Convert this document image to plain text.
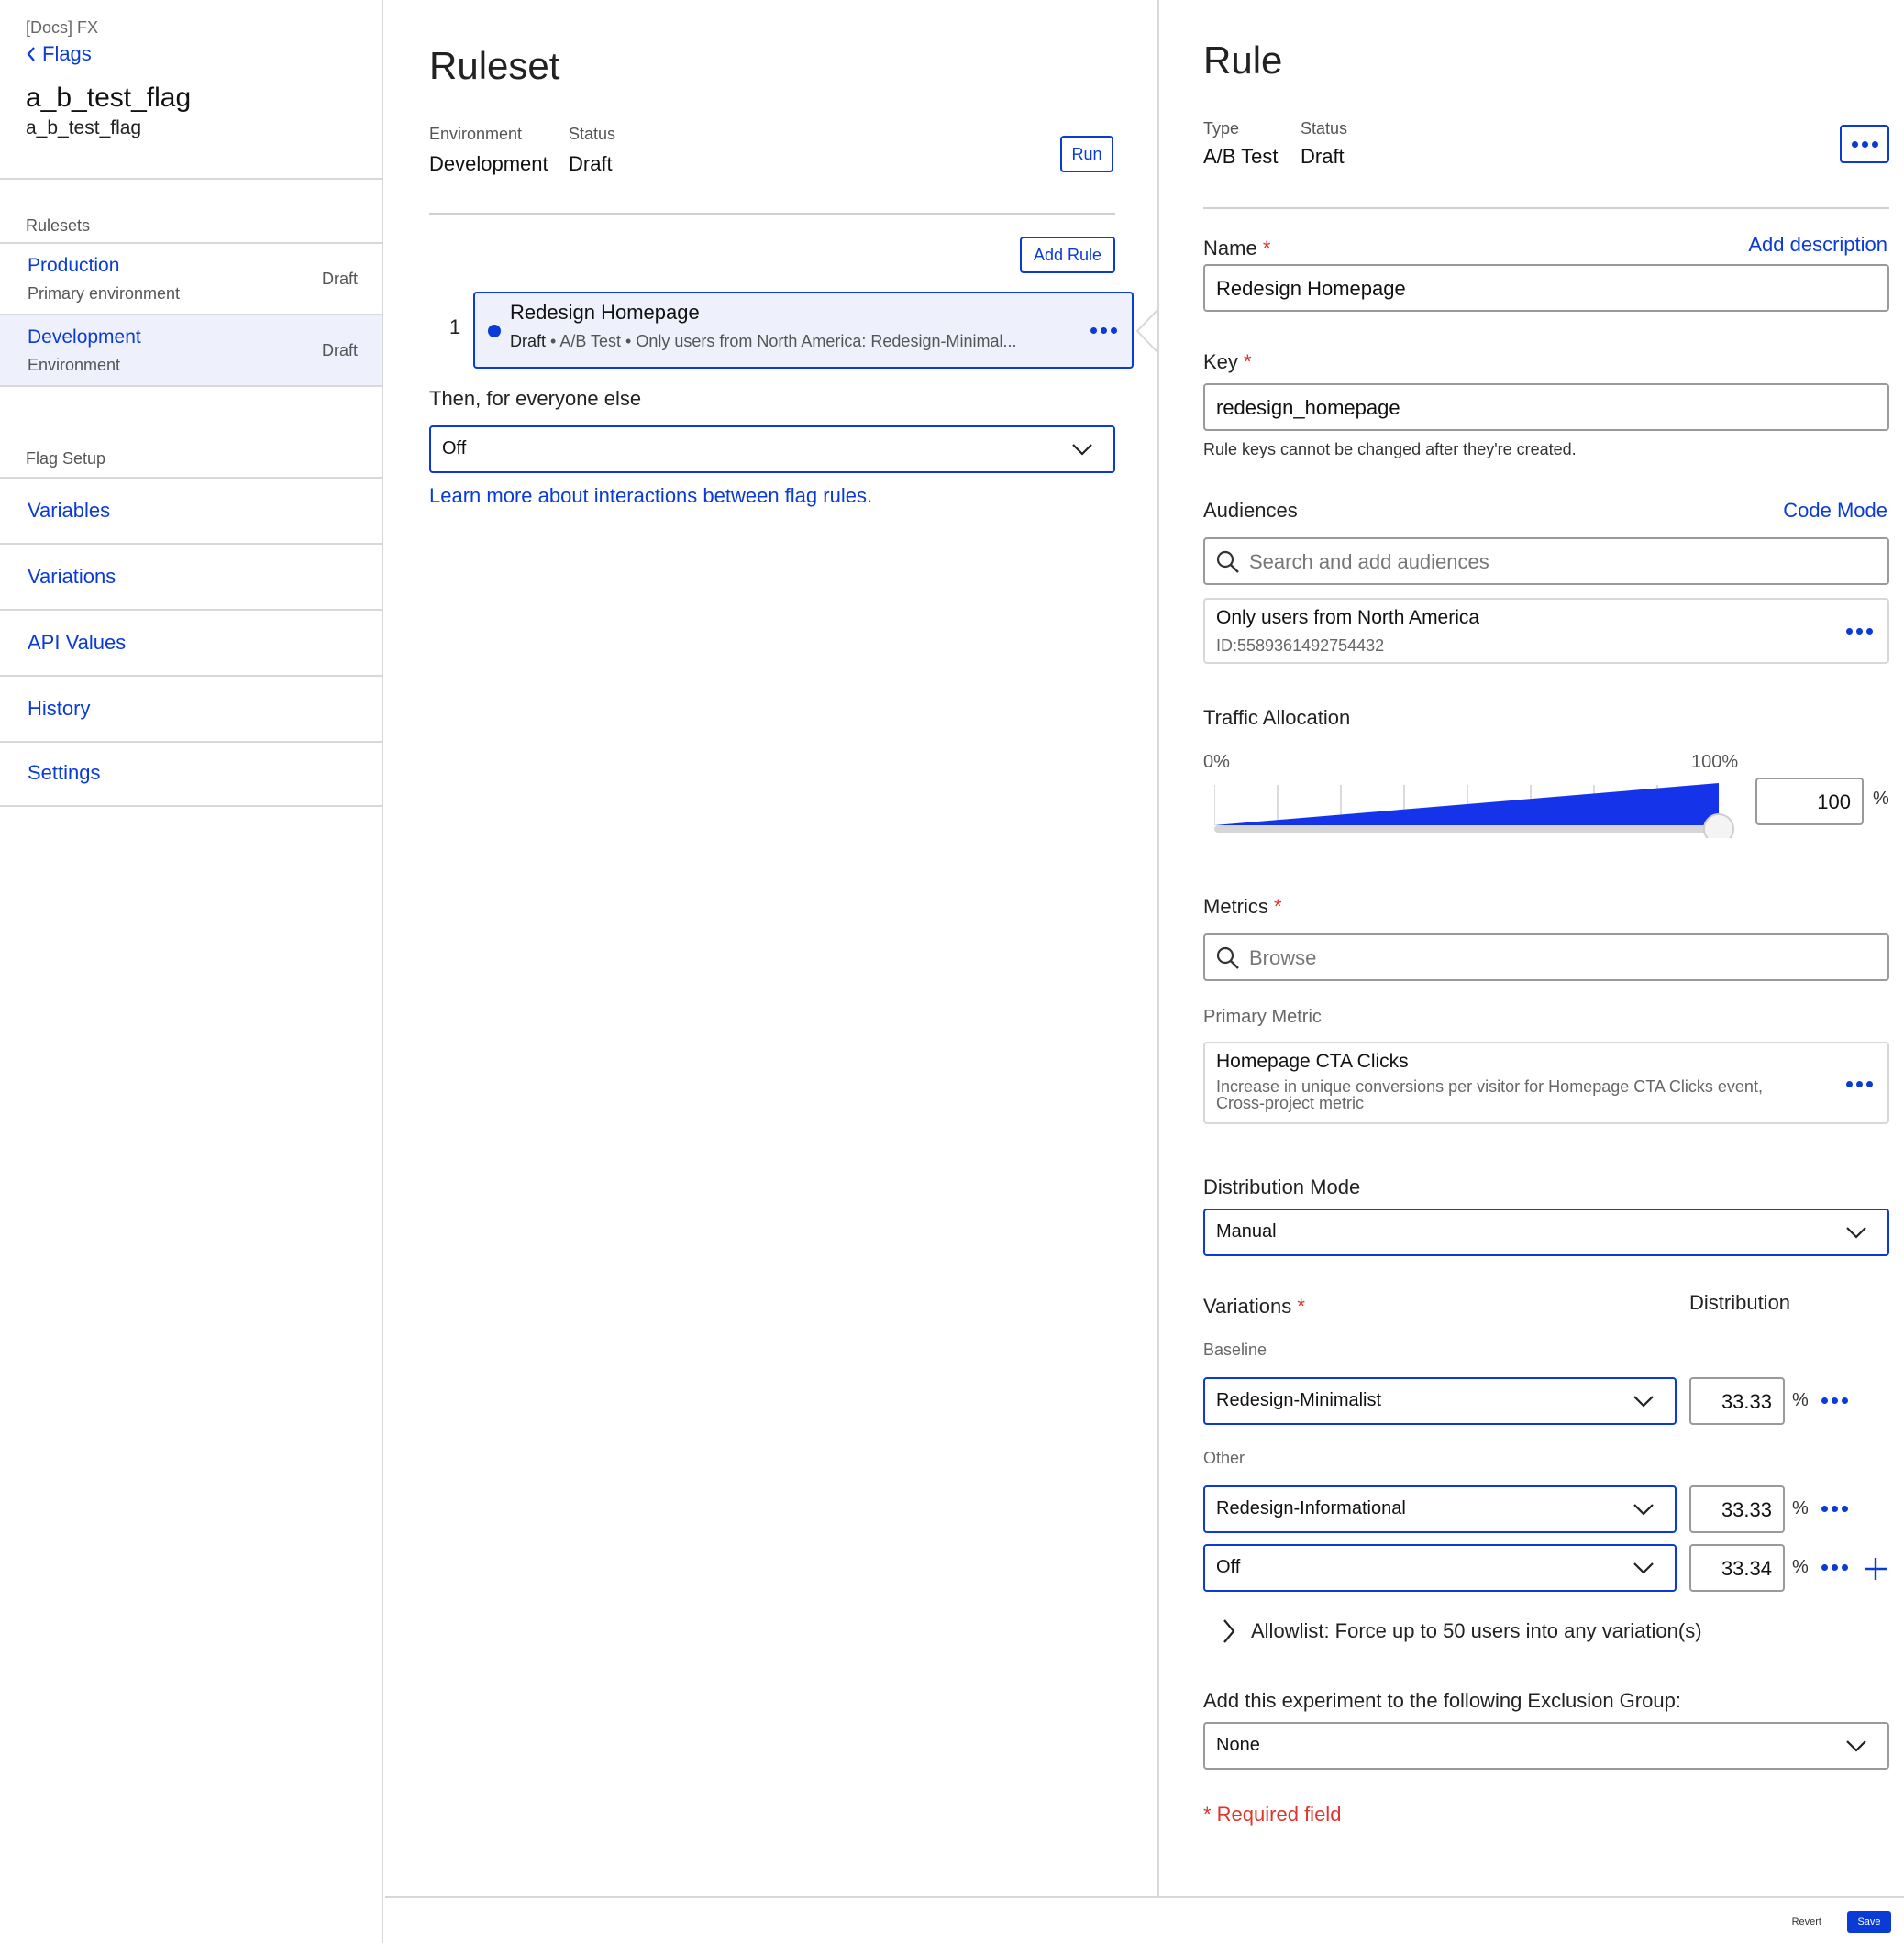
[Docs] FX
Flags
a_b_test_flag
a_b_test_flag
Rulesets
Production
Primary environment
Draft
Development
Environment
Draft
Flag Setup
Variables
Variations
API Values
History
Settings
Ruleset
Environment
Development
Status
Draft	Run
Add Rule
1
Redesign Homepage
Draft • A/B Test • Only users from North America: Redesign-Minimal...
Then, for everyone else
Off
Learn more about interactions between flag rules.
Rule
Type
A/B Test
Status
Draft
Name *	Add description
Redesign Homepage
Key *
redesign_homepage
Rule keys cannot be changed after they're created.
Audiences	Code Mode
Search and add audiences
Only users from North America
ID:5589361492754432
Traffic Allocation
0%	100%
100	%
Metrics *
Browse
Primary Metric
Homepage CTA Clicks
Increase in unique conversions per visitor for Homepage CTA Clicks event,
Cross-project metric
Distribution Mode
Manual
Variations *	Distribution
Baseline
Redesign-Minimalist	33.33	%
Other
Redesign-Informational	33.33	%
Off	33.34	%
Allowlist: Force up to 50 users into any variation(s)
Add this experiment to the following Exclusion Group:
None
* Required field
Revert	Save
